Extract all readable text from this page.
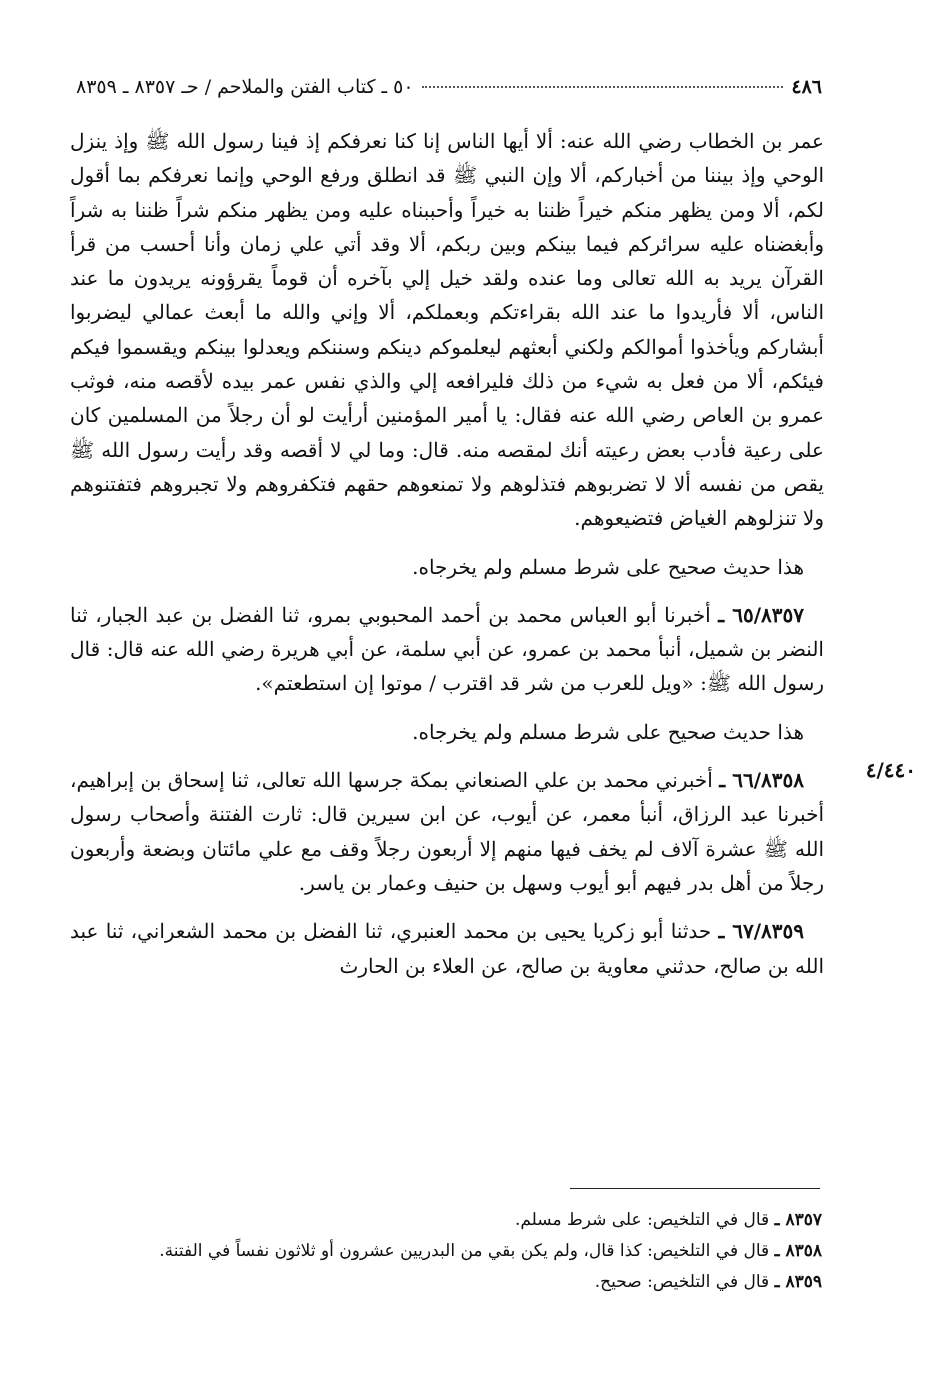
٤٨٦
٥٠ ـ كتاب الفتن والملاحم / حـ ٨٣٥٧ ـ ٨٣٥٩

عمر بن الخطاب رضي الله عنه: ألا أيها الناس إنا كنا نعرفكم إذ فينا رسول الله ﷺ وإذ ينزل الوحي وإذ بيننا من أخباركم، ألا وإن النبي ﷺ قد انطلق ورفع الوحي وإنما نعرفكم بما أقول لكم، ألا ومن يظهر منكم خيراً ظننا به خيراً وأحببناه عليه ومن يظهر منكم شراً ظننا به شراً وأبغضناه عليه سرائركم فيما بينكم وبين ربكم، ألا وقد أتي علي زمان وأنا أحسب من قرأ القرآن يريد به الله تعالى وما عنده ولقد خيل إلي بآخره أن قوماً يقرؤونه يريدون ما عند الناس، ألا فأريدوا ما عند الله بقراءتكم وبعملكم، ألا وإني والله ما أبعث عمالي ليضربوا أبشاركم ويأخذوا أموالكم ولكني أبعثهم ليعلموكم دينكم وسننكم ويعدلوا بينكم ويقسموا فيكم فيئكم، ألا من فعل به شيء من ذلك فليرافعه إلي والذي نفس عمر بيده لأقصه منه، فوثب عمرو بن العاص رضي الله عنه فقال: يا أمير المؤمنين أرأيت لو أن رجلاً من المسلمين كان على رعية فأدب بعض رعيته أنك لمقصه منه. قال: وما لي لا أقصه وقد رأيت رسول الله ﷺ يقص من نفسه ألا لا تضربوهم فتذلوهم ولا تمنعوهم حقهم فتكفروهم ولا تجبروهم فتفتنوهم ولا تنزلوهم الغياض فتضيعوهم.

هذا حديث صحيح على شرط مسلم ولم يخرجاه.

٦٥/٨٣٥٧ ـ أخبرنا أبو العباس محمد بن أحمد المحبوبي بمرو، ثنا الفضل بن عبد الجبار، ثنا النضر بن شميل، أنبأ محمد بن عمرو، عن أبي سلمة، عن أبي هريرة رضي الله عنه قال: قال رسول الله ﷺ: «ويل للعرب من شر قد اقترب / موتوا إن استطعتم».

هذا حديث صحيح على شرط مسلم ولم يخرجاه.

٦٦/٨٣٥٨ ـ أخبرني محمد بن علي الصنعاني بمكة جرسها الله تعالى، ثنا إسحاق بن إبراهيم، أخبرنا عبد الرزاق، أنبأ معمر، عن أيوب، عن ابن سيرين قال: ثارت الفتنة وأصحاب رسول الله ﷺ عشرة آلاف لم يخف فيها منهم إلا أربعون رجلاً وقف مع علي مائتان وبضعة وأربعون رجلاً من أهل بدر فيهم أبو أيوب وسهل بن حنيف وعمار بن ياسر.

٦٧/٨٣٥٩ ـ حدثنا أبو زكريا يحيى بن محمد العنبري، ثنا الفضل بن محمد الشعراني، ثنا عبد الله بن صالح، حدثني معاوية بن صالح، عن العلاء بن الحارث

٤/٤٤٠

٨٣٥٧ ـ قال في التلخيص: على شرط مسلم.

٨٣٥٨ ـ قال في التلخيص: كذا قال، ولم يكن بقي من البدريين عشرون أو ثلاثون نفساً في الفتنة.

٨٣٥٩ ـ قال في التلخيص: صحيح.
